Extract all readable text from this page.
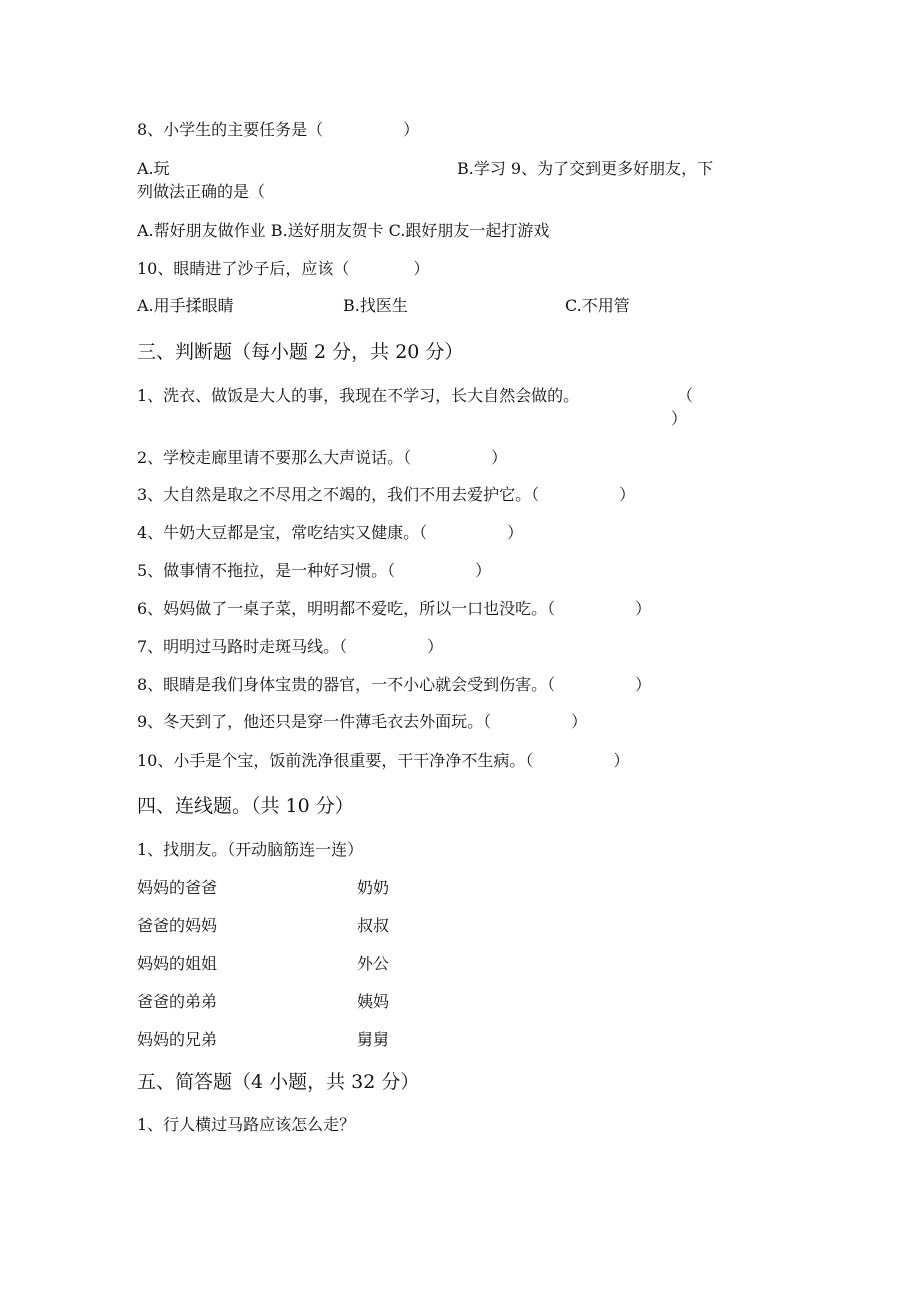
8、小学生的主要任务是（　　　　　）
A.玩	B.学习 9、为了交到更多好朋友，下
列做法正确的是（
A.帮好朋友做作业 B.送好朋友贺卡 C.跟好朋友一起打游戏
10、眼睛进了沙子后，应该（　　　　）
A.用手揉眼睛	B.找医生	C.不用管
三、判断题（每小题 2 分，共 20 分）
1、洗衣、做饭是大人的事，我现在不学习，长大自然会做的。	（
）
2、学校走廊里请不要那么大声说话。（　　　　　）
3、大自然是取之不尽用之不竭的，我们不用去爱护它。（　　　　　）
4、牛奶大豆都是宝，常吃结实又健康。（　　　　　）
5、做事情不拖拉，是一种好习惯。（　　　　　）
6、妈妈做了一桌子菜，明明都不爱吃，所以一口也没吃。（　　　　　）
7、明明过马路时走斑马线。（　　　　　）
8、眼睛是我们身体宝贵的器官，一不小心就会受到伤害。（　　　　　）
9、冬天到了，他还只是穿一件薄毛衣去外面玩。（　　　　　）
10、小手是个宝，饭前洗净很重要，干干净净不生病。（　　　　　）
四、连线题。（共 10 分）
1、找朋友。（开动脑筋连一连）
妈妈的爸爸	奶奶
爸爸的妈妈	叔叔
妈妈的姐姐	外公
爸爸的弟弟	姨妈
妈妈的兄弟	舅舅
五、简答题（4 小题，共 32 分）
1、行人横过马路应该怎么走？
